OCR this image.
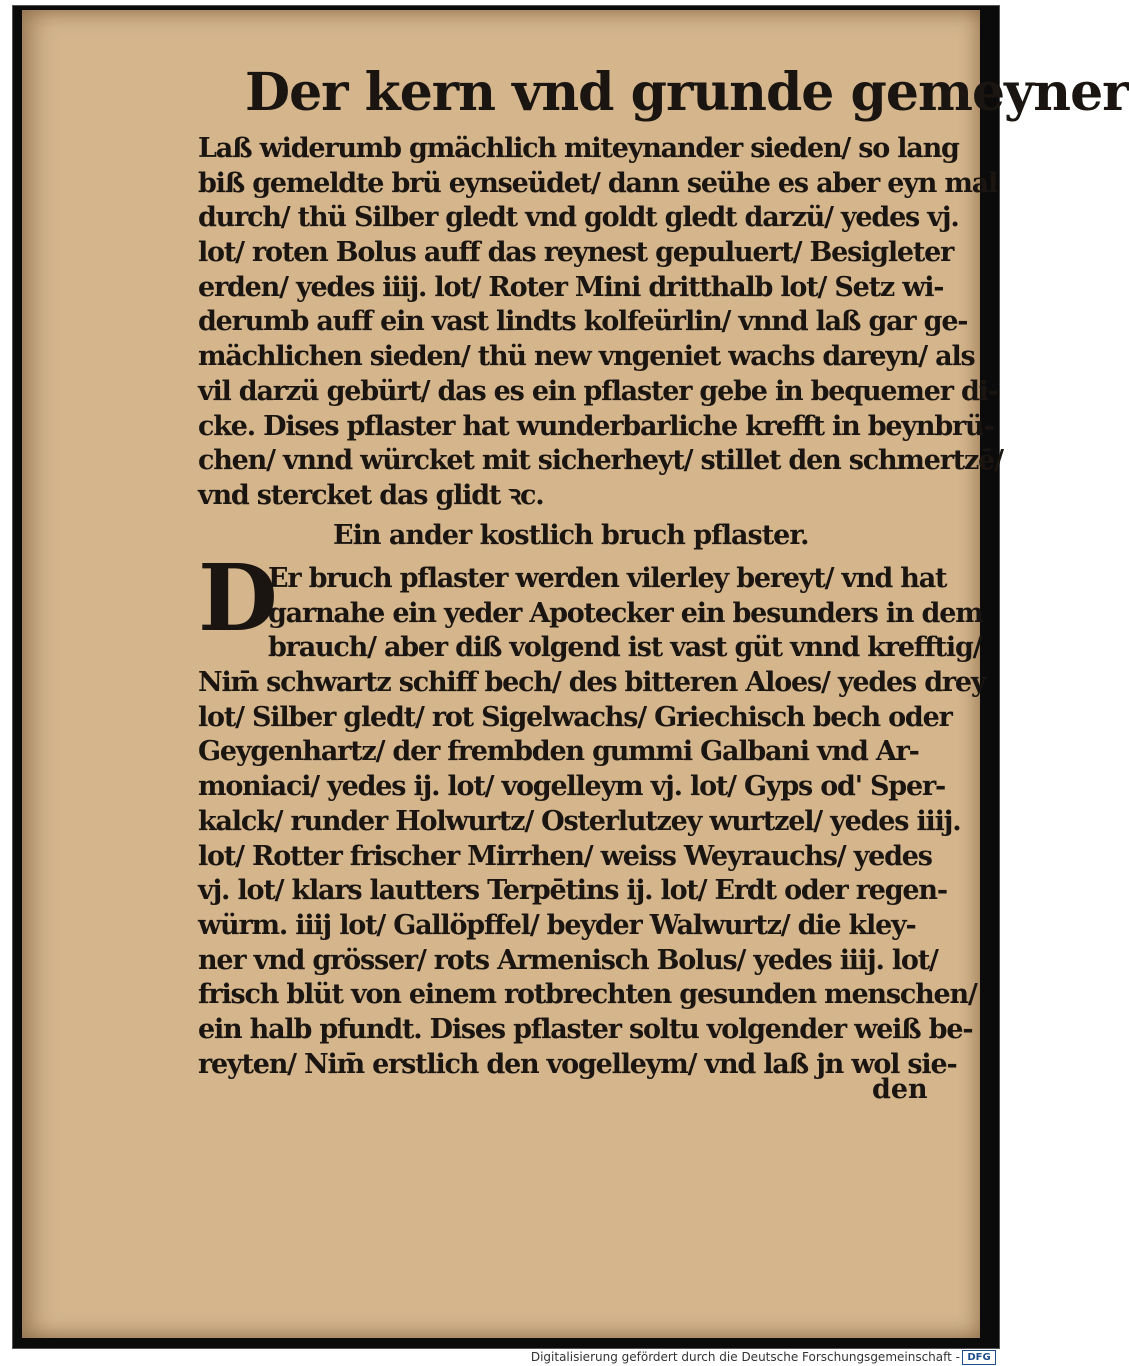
Der kern vnd grunde gemeyner
Laß widerumb gmächlich miteynander sieden/ so lang
biß gemeldte brü eynseüdet/ dann seühe es aber eyn mal
durch/ thü Silber gledt vnd goldt gledt darzü/ yedes vj.
lot/ roten Bolus auff das reynest gepuluert/ Besigleter
erden/ yedes iiij. lot/ Roter Mini dritthalb lot/ Setz wi-
derumb auff ein vast lindts kolfeürlin/ vnnd laß gar ge-
mächlichen sieden/ thü new vngeniet wachs dareyn/ als
vil darzü gebürt/ das es ein pflaster gebe in bequemer di-
cke. Dises pflaster hat wunderbarliche krefft in beynbrü-
chen/ vnnd würcket mit sicherheyt/ stillet den schmertzē/
vnd stercket das glidt ꝛc.
Ein ander kostlich bruch pflaster.
D
Er bruch pflaster werden vilerley bereyt/ vnd hat
garnahe ein yeder Apotecker ein besunders in dem
brauch/ aber diß volgend ist vast güt vnnd krefftig/
Nim̄ schwartz schiff bech/ des bitteren Aloes/ yedes drey
lot/ Silber gledt/ rot Sigelwachs/ Griechisch bech oder
Geygenhartz/ der frembden gummi Galbani vnd Ar-
moniaci/ yedes ij. lot/ vogelleym vj. lot/ Gyps od' Sper-
kalck/ runder Holwurtz/ Osterlutzey wurtzel/ yedes iiij.
lot/ Rotter frischer Mirrhen/ weiss Weyrauchs/ yedes
vj. lot/ klars lautters Terpētins ij. lot/ Erdt oder regen-
würm. iiij lot/ Gallöpffel/ beyder Walwurtz/ die kley-
ner vnd grösser/ rots Armenisch Bolus/ yedes iiij. lot/
frisch blüt von einem rotbrechten gesunden menschen/
ein halb pfundt. Dises pflaster soltu volgender weiß be-
reyten/ Nim̄ erstlich den vogelleym/ vnd laß jn wol sie-
den
Digitalisierung gefördert durch die Deutsche Forschungsgemeinschaft - DFG
